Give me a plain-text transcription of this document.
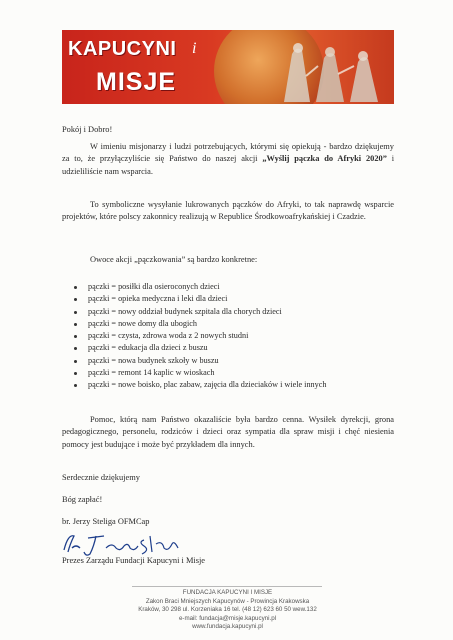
KAPUCYNI i
MISJE
Pokój i Dobro!
W imieniu misjonarzy i ludzi potrzebujących, którymi się opiekują - bardzo dziękujemy za to, że przyłączyliście się Państwo do naszej akcji „Wyślij pączka do Afryki 2020” i udzieliliście nam wsparcia.
To symboliczne wysyłanie lukrowanych pączków do Afryki, to tak naprawdę wsparcie projektów, które polscy zakonnicy realizują w Republice Środkowoafrykańskiej i Czadzie.
Owoce akcji „pączkowania” są bardzo konkretne:
pączki = posiłki dla osieroconych dzieci
pączki = opieka medyczna i leki dla dzieci
pączki = nowy oddział budynek szpitala dla chorych dzieci
pączki = nowe domy dla ubogich
pączki = czysta, zdrowa woda z 2 nowych studni
pączki = edukacja dla dzieci z buszu
pączki = nowa budynek szkoły w buszu
pączki = remont 14 kaplic w wioskach
pączki = nowe boisko, plac zabaw, zajęcia dla dzieciaków i wiele innych
Pomoc, którą nam Państwo okazaliście była bardzo cenna. Wysiłek dyrekcji, grona pedagogicznego, personelu, rodziców i dzieci oraz sympatia dla spraw misji i chęć niesienia pomocy jest budujące i może być przykładem dla innych.
Serdecznie dziękujemy
Bóg zapłać!
br. Jerzy Steliga OFMCap
Prezes Zarządu Fundacji Kapucyni i Misje
FUNDACJA KAPUCYNI I MISJE
Zakon Braci Mniejszych Kapucynów - Prowincja Krakowska
Kraków, 30 298 ul. Korzeniaka 16 tel. (48 12) 623 60 50 wew.132
e-mail: fundacja@misje.kapucyni.pl
www.fundacja.kapucyni.pl
